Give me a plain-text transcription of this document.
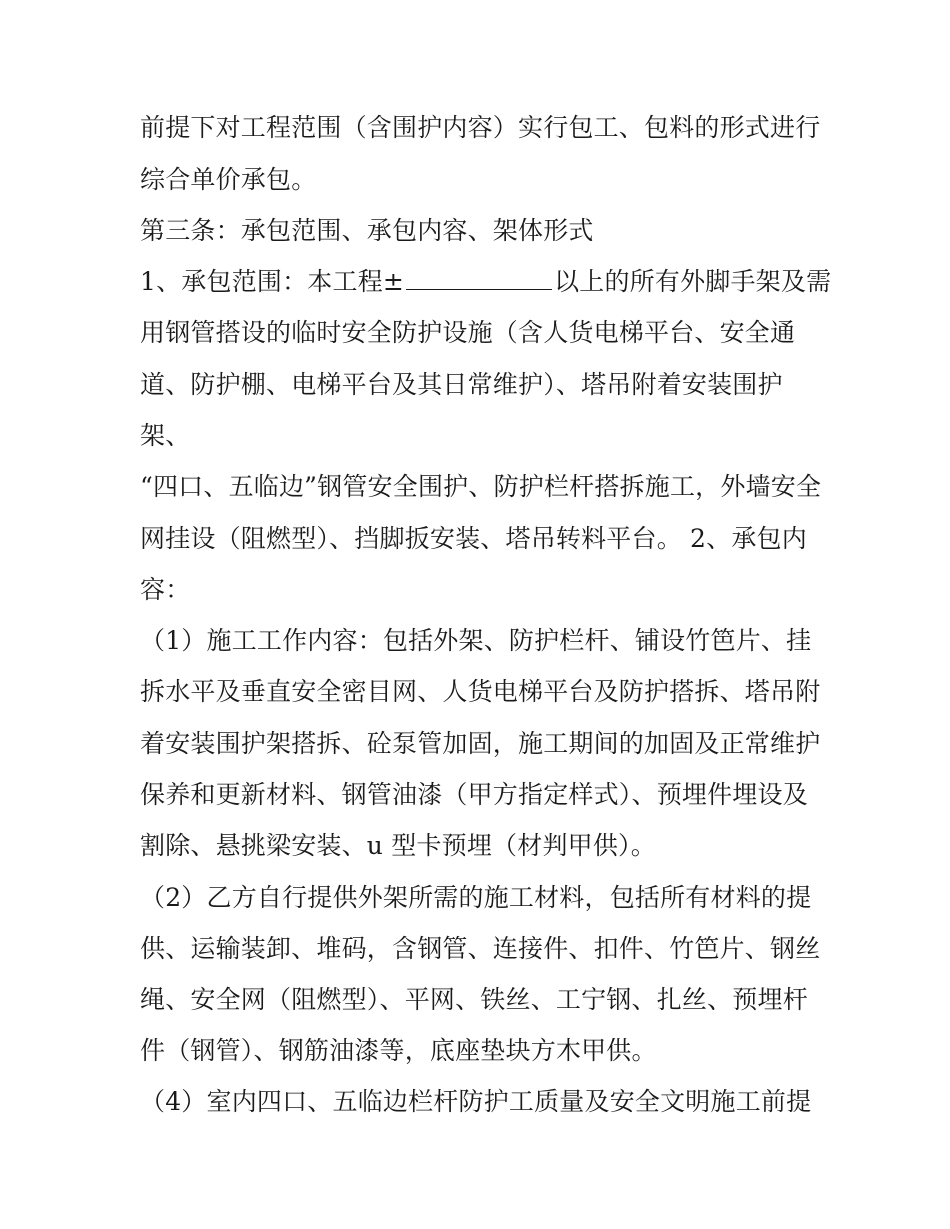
前提下对工程范围（含围护内容）实行包工、包料的形式进行
综合单价承包。
第三条：承包范围、承包内容、架体形式
1、承包范围：本工程±	以上的所有外脚手架及需
用钢管搭设的临时安全防护设施（含人货电梯平台、安全通
道、防护棚、电梯平台及其日常维护）、塔吊附着安装围护
架、
“四口、五临边”钢管安全围护、防护栏杆搭拆施工，外墙安全
网挂设（阻燃型）、挡脚扳安装、塔吊转料平台。 2、承包内
容：
（1）施工工作内容：包括外架、防护栏杆、铺设竹笆片、挂
拆水平及垂直安全密目网、人货电梯平台及防护搭拆、塔吊附
着安装围护架搭拆、砼泵管加固，施工期间的加固及正常维护
保养和更新材料、钢管油漆（甲方指定样式）、预埋件埋设及
割除、悬挑梁安装、u 型卡预埋（材判甲供）。
（2）乙方自行提供外架所需的施工材料，包括所有材料的提
供、运输装卸、堆码，含钢管、连接件、扣件、竹笆片、钢丝
绳、安全网（阻燃型）、平网、铁丝、工宁钢、扎丝、预埋杆
件（钢管）、钢筋油漆等，底座垫块方木甲供。
（4）室内四口、五临边栏杆防护工质量及安全文明施工前提
